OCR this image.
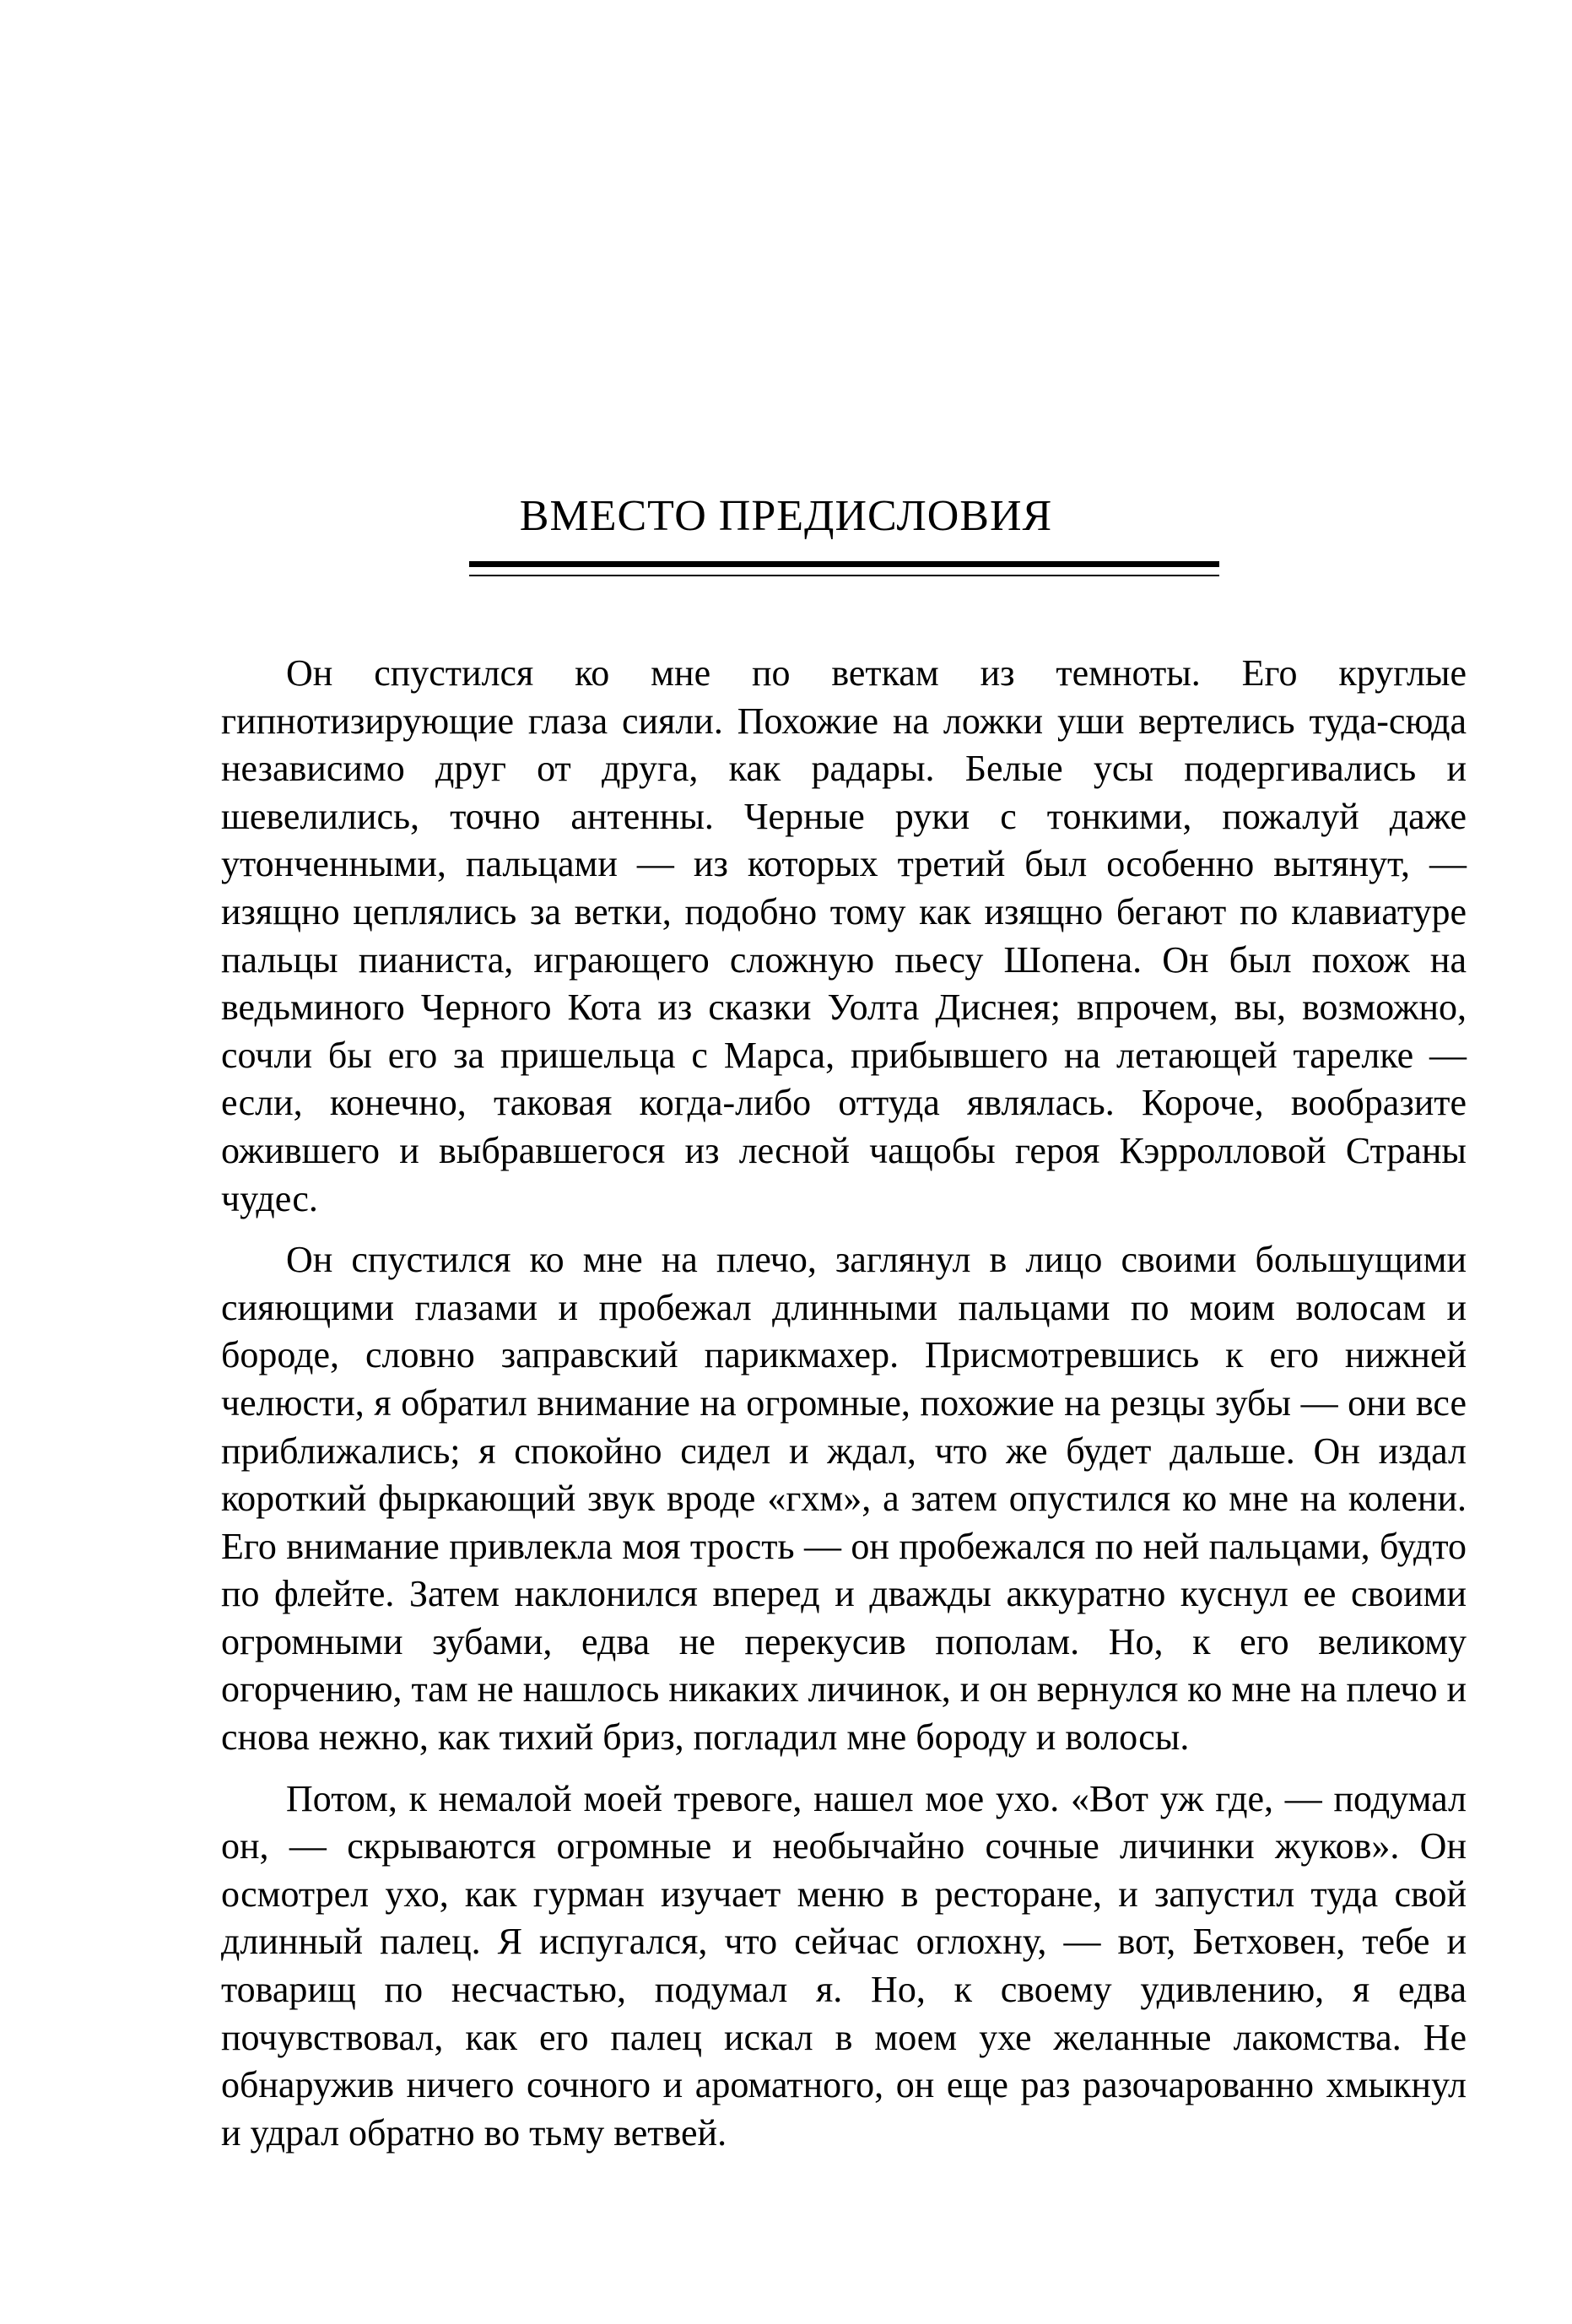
ВМЕСТО ПРЕДИСЛОВИЯ

Он спустился ко мне по веткам из темноты. Его круглые гипнотизирующие глаза сияли. Похожие на ложки уши вертелись туда-сюда независимо друг от друга, как радары. Белые усы подергивались и шевелились, точно антенны. Черные руки с тонкими, пожалуй даже утонченными, пальцами — из которых третий был особенно вытянут, — изящно цеплялись за ветки, подобно тому как изящно бегают по клавиатуре пальцы пианиста, играющего сложную пьесу Шопена. Он был похож на ведьминого Черного Кота из сказки Уолта Диснея; впрочем, вы, возможно, сочли бы его за пришельца с Марса, прибывшего на летающей тарелке — если, конечно, таковая когда-либо оттуда являлась. Короче, вообразите ожившего и выбравшегося из лесной чащобы героя Кэрролловой Страны чудес.

Он спустился ко мне на плечо, заглянул в лицо своими большущими сияющими глазами и пробежал длинными пальцами по моим волосам и бороде, словно заправский парикмахер. Присмотревшись к его нижней челюсти, я обратил внимание на огромные, похожие на резцы зубы — они все приближались; я спокойно сидел и ждал, что же будет дальше. Он издал короткий фыркающий звук вроде «гхм», а затем опустился ко мне на колени. Его внимание привлекла моя трость — он пробежался по ней пальцами, будто по флейте. Затем наклонился вперед и дважды аккуратно куснул ее своими огромными зубами, едва не перекусив пополам. Но, к его великому огорчению, там не нашлось никаких личинок, и он вернулся ко мне на плечо и снова нежно, как тихий бриз, погладил мне бороду и волосы.

Потом, к немалой моей тревоге, нашел мое ухо. «Вот уж где, — подумал он, — скрываются огромные и необычайно сочные личинки жуков». Он осмотрел ухо, как гурман изучает меню в ресторане, и запустил туда свой длинный палец. Я испугался, что сейчас оглохну, — вот, Бетховен, тебе и товарищ по несчастью, подумал я. Но, к своему удивлению, я едва почувствовал, как его палец искал в моем ухе желанные лакомства. Не обнаружив ничего сочного и ароматного, он еще раз разочарованно хмыкнул и удрал обратно во тьму ветвей.
